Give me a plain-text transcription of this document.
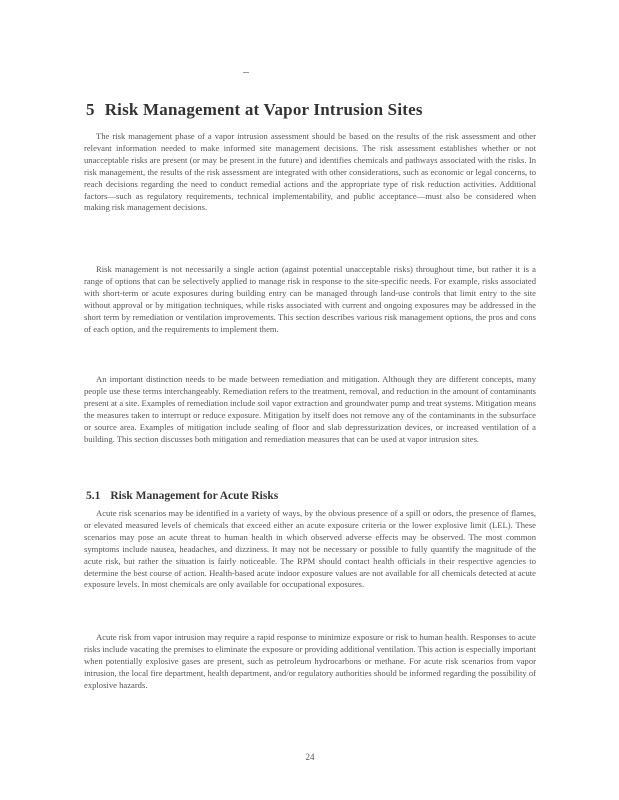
5 Risk Management at Vapor Intrusion Sites

The risk management phase of a vapor intrusion assessment should be based on the results of the risk assessment and other relevant information needed to make informed site management decisions. The risk assessment establishes whether or not unacceptable risks are present (or may be present in the future) and identifies chemicals and pathways associated with the risks. In risk management, the results of the risk assessment are integrated with other considerations, such as economic or legal concerns, to reach decisions regarding the need to conduct remedial actions and the appropriate type of risk reduction activities. Additional factors—such as regulatory requirements, technical implementability, and public acceptance—must also be considered when making risk management decisions.

Risk management is not necessarily a single action (against potential unacceptable risks) throughout time, but rather it is a range of options that can be selectively applied to manage risk in response to the site-specific needs. For example, risks associated with short-term or acute exposures during building entry can be managed through land-use controls that limit entry to the site without approval or by mitigation techniques, while risks associated with current and ongoing exposures may be addressed in the short term by remediation or ventilation improvements. This section describes various risk management options, the pros and cons of each option, and the requirements to implement them.

An important distinction needs to be made between remediation and mitigation. Although they are different concepts, many people use these terms interchangeably. Remediation refers to the treatment, removal, and reduction in the amount of contaminants present at a site. Examples of remediation include soil vapor extraction and groundwater pump and treat systems. Mitigation means the measures taken to interrupt or reduce exposure. Mitigation by itself does not remove any of the contaminants in the subsurface or source area. Examples of mitigation include sealing of floor and slab depressurization devices, or increased ventilation of a building. This section discusses both mitigation and remediation measures that can be used at vapor intrusion sites.

5.1 Risk Management for Acute Risks

Acute risk scenarios may be identified in a variety of ways, by the obvious presence of a spill or odors, the presence of flames, or elevated measured levels of chemicals that exceed either an acute exposure criteria or the lower explosive limit (LEL). These scenarios may pose an acute threat to human health in which observed adverse effects may be observed. The most common symptoms include nausea, headaches, and dizziness. It may not be necessary or possible to fully quantify the magnitude of the acute risk, but rather the situation is fairly noticeable. The RPM should contact health officials in their respective agencies to determine the best course of action. Health-based acute indoor exposure values are not available for all chemicals detected at acute exposure levels. In most chemicals are only available for occupational exposures.

Acute risk from vapor intrusion may require a rapid response to minimize exposure or risk to human health. Responses to acute risks include vacating the premises to eliminate the exposure or providing additional ventilation. This action is especially important when potentially explosive gases are present, such as petroleum hydrocarbons or methane. For acute risk scenarios from vapor intrusion, the local fire department, health department, and/or regulatory authorities should be informed regarding the possibility of explosive hazards.

24
